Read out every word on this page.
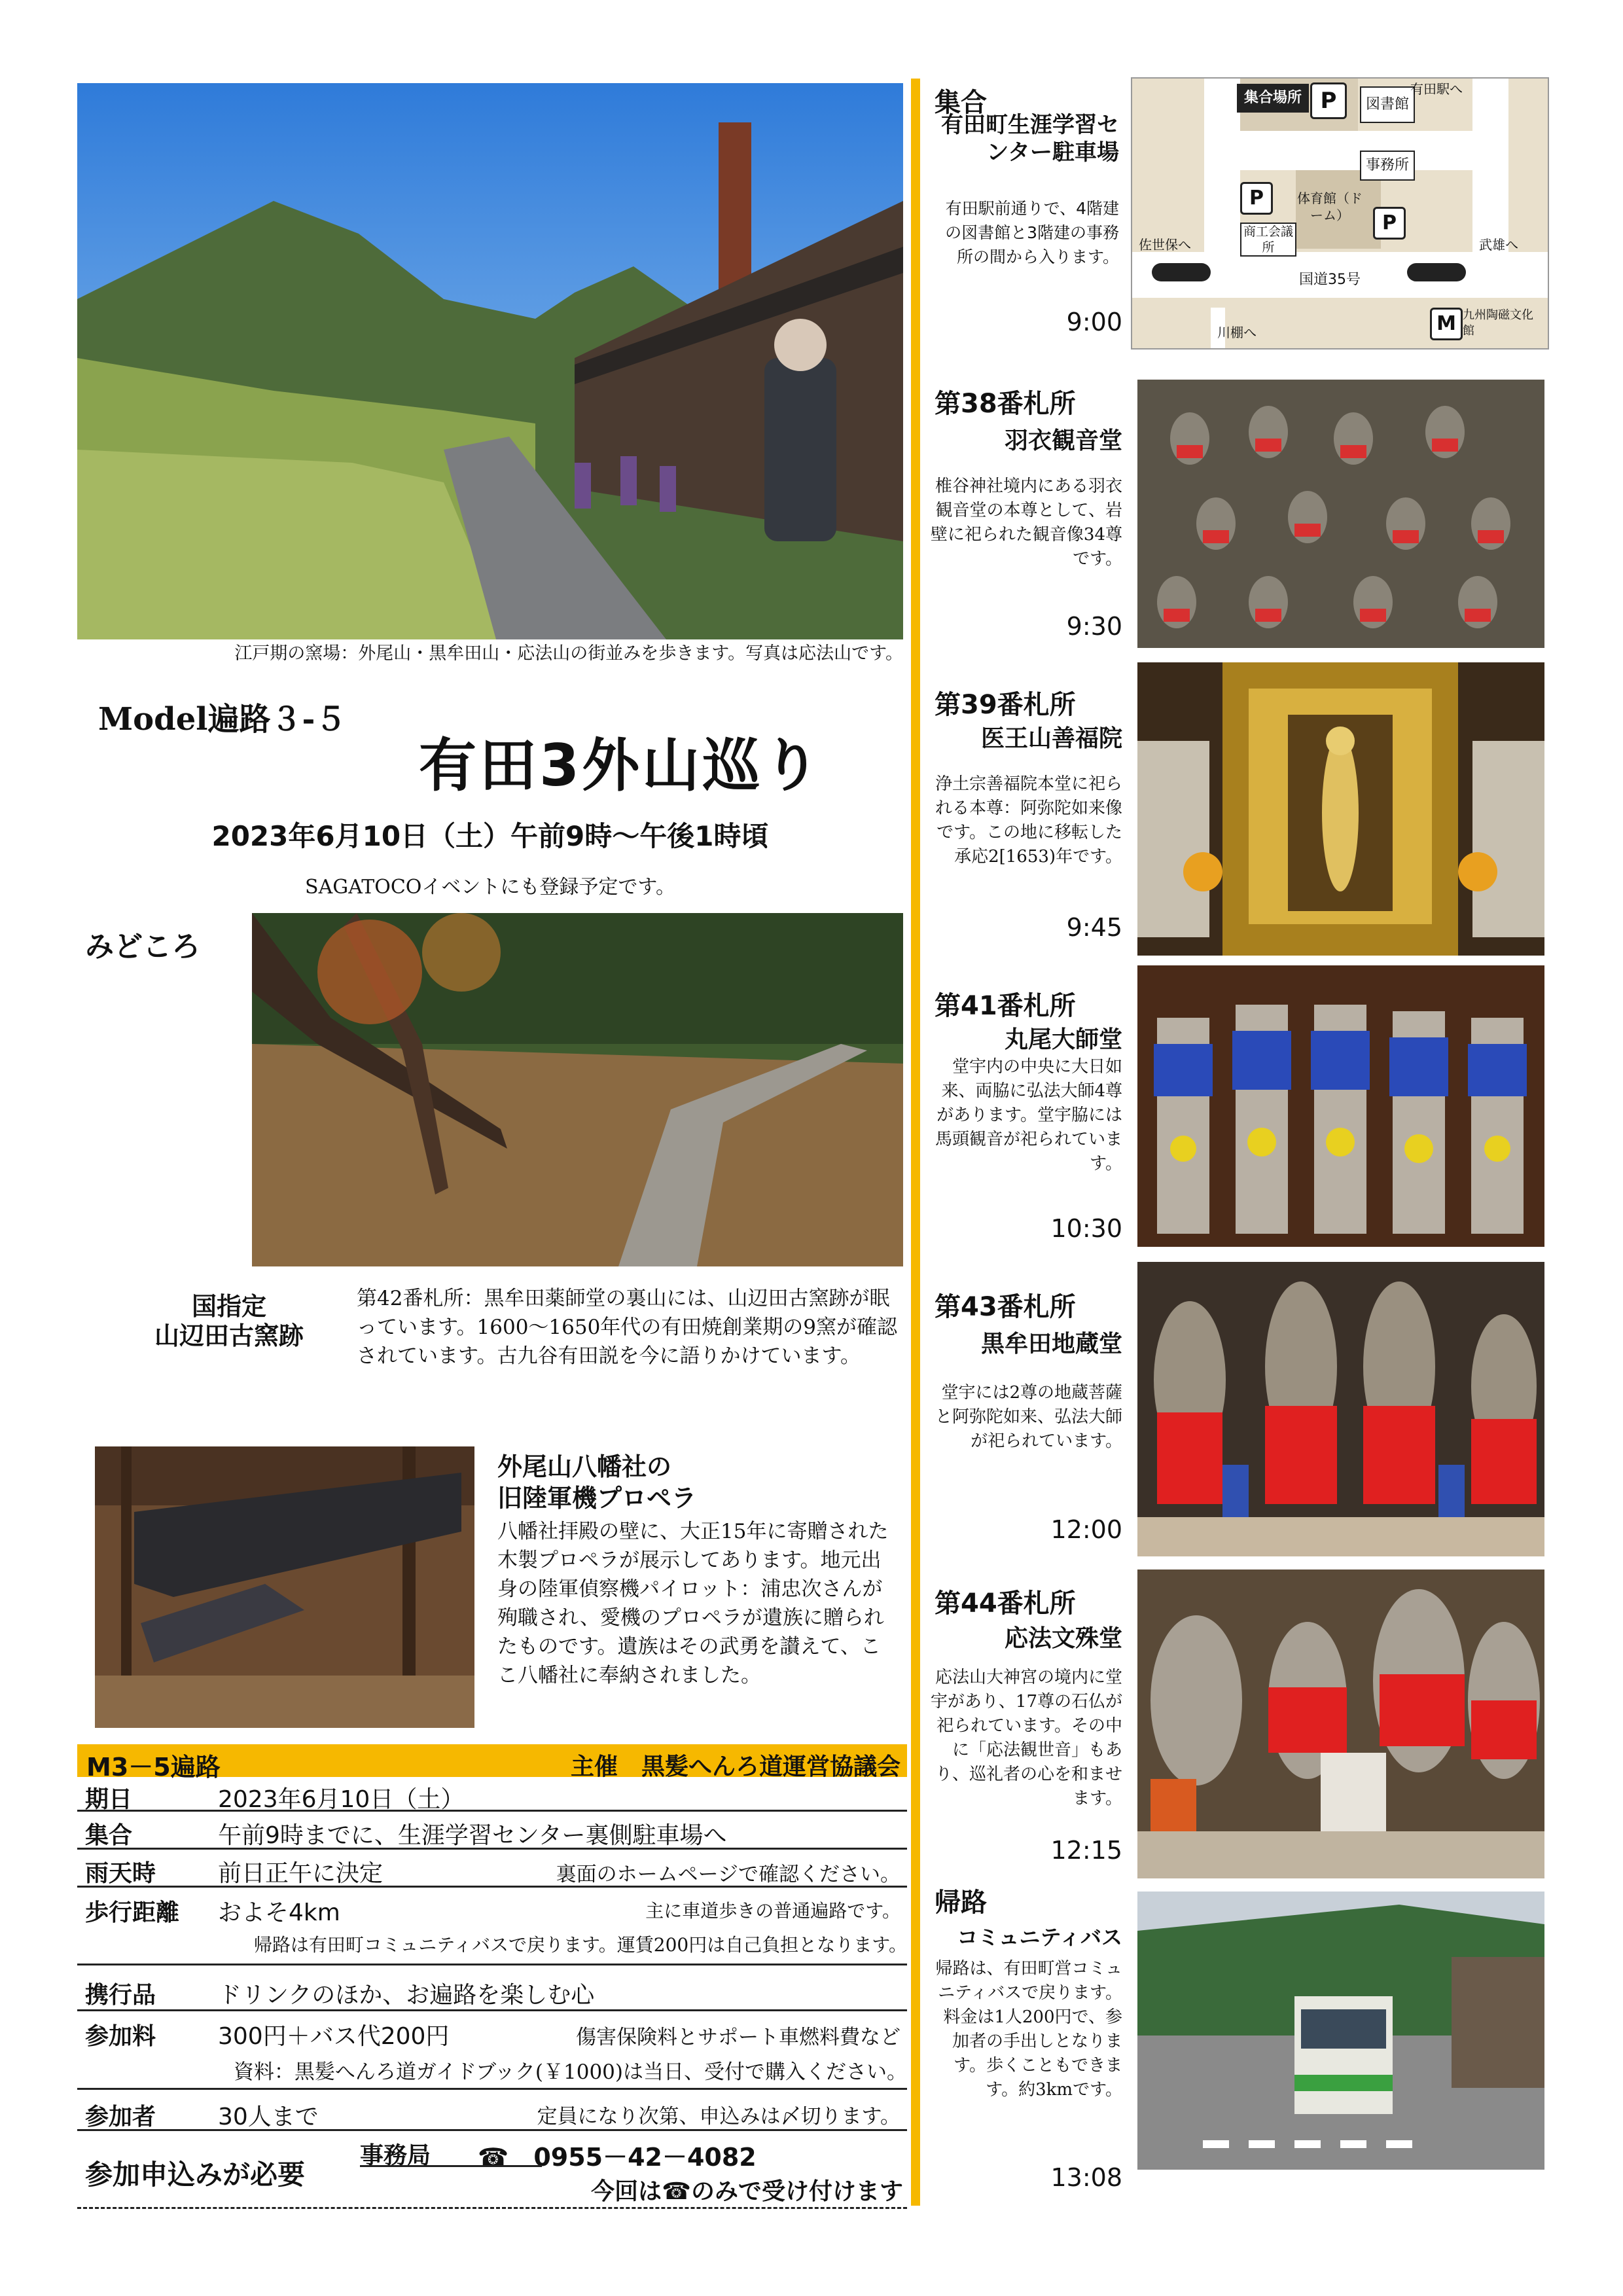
江戸期の窯場：外尾山・黒牟田山・応法山の街並みを歩きます。写真は応法山です。
Model遍路３-５
有田3外山巡り
2023年6月10日（土）午前9時～午後1時頃
SAGATOCOイベントにも登録予定です。
みどころ
国指定
山辺田古窯跡
第42番札所：黒牟田薬師堂の裏山には、山辺田古窯跡が眠っています。1600～1650年代の有田焼創業期の9窯が確認されています。古九谷有田説を今に語りかけています。
外尾山八幡社の
旧陸軍機プロペラ
八幡社拝殿の壁に、大正15年に寄贈された木製プロペラが展示してあります。地元出身の陸軍偵察機パイロット：浦忠次さんが殉職され、愛機のプロペラが遺族に贈られたものです。遺族はその武勇を讃えて、ここ八幡社に奉納されました。
M3－5遍路	主催　黒髪へんろ道運営協議会
期日	2023年6月10日（土）
集合	午前9時までに、生涯学習センター裏側駐車場へ
雨天時	前日正午に決定	裏面のホームページで確認ください。
歩行距離 およそ4km	主に車道歩きの普通遍路です。
帰路は有田町コミュニティバスで戻ります。運賃200円は自己負担となります。
携行品	ドリンクのほか、お遍路を楽しむ心
参加料	300円＋バス代200円	傷害保険料とサポート車燃料費など
資料：黒髪へんろ道ガイドブック(￥1000)は当日、受付で購入ください。
参加者	30人まで	定員になり次第、申込みは〆切ります。
参加申込みが必要
事務局 ☎　0955－42－4082
今回は☎のみで受け付けます
集合
有田町生涯学習センター駐車場
有田駅前通りで、4階建の図書館と3階建の事務所の間から入ります。
9:00
集合場所 P	図書館
有田駅へ
事務所
P	体育館（ドーム）	P
商工会議所
佐世保へ	武雄へ
国道35号
川棚へ	M 九州陶磁文化館
第38番札所
羽衣観音堂
椎谷神社境内にある羽衣観音堂の本尊として、岩壁に祀られた観音像34尊です。
9:30
第39番札所
医王山善福院
浄土宗善福院本堂に祀られる本尊：阿弥陀如来像です。この地に移転した承応2[1653)年です。
9:45
第41番札所
丸尾大師堂
堂宇内の中央に大日如来、両脇に弘法大師4尊があります。堂宇脇には馬頭観音が祀られています。
10:30
第43番札所
黒牟田地蔵堂
堂宇には2尊の地蔵菩薩と阿弥陀如来、弘法大師が祀られています。
12:00
第44番札所
応法文殊堂
応法山大神宮の境内に堂宇があり、17尊の石仏が祀られています。その中に「応法観世音」もあり、巡礼者の心を和ませます。
12:15
帰路
コミュニティバス
帰路は、有田町営コミュニティバスで戻ります。料金は1人200円で、参加者の手出しとなります。歩くこともできます。約3kmです。
13:08
